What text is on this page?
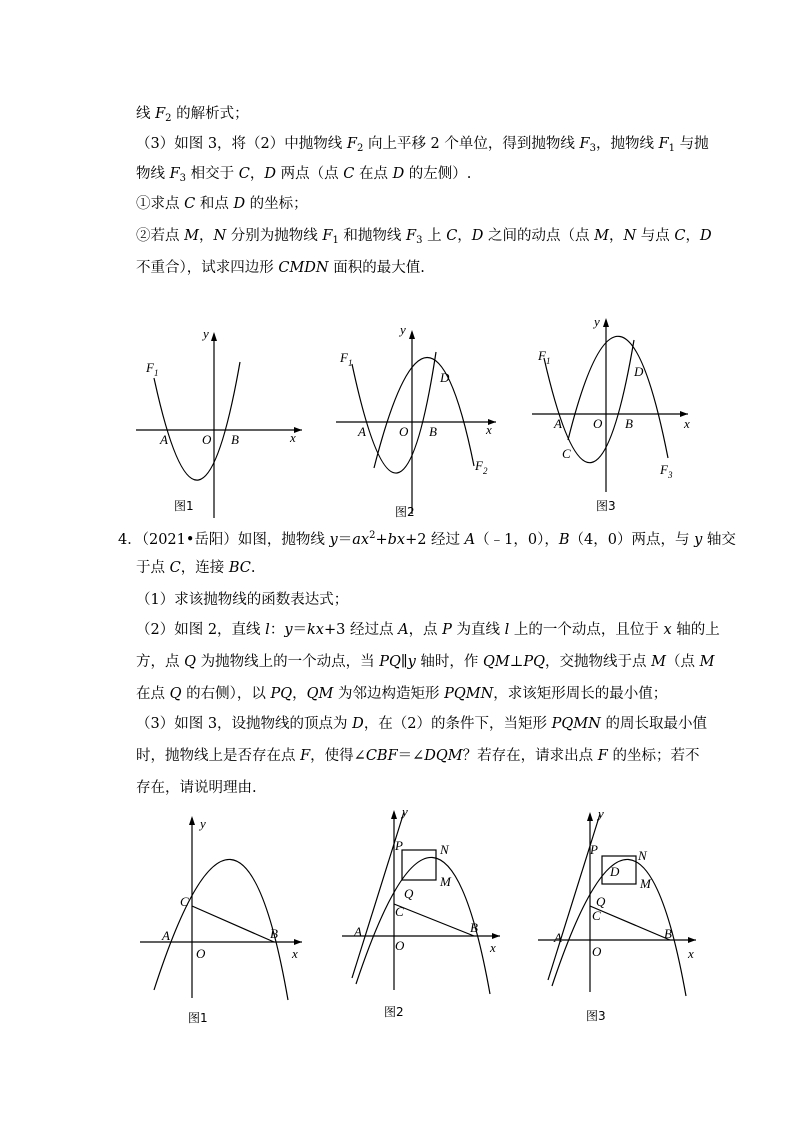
线 $F_2$ 的解析式；
（3）如图 3，将（2）中抛物线 $F_2$ 向上平移 2 个单位，得到抛物线 $F_3$，抛物线 $F_1$ 与抛
物线 $F_3$ 相交于 C，D 两点（点 C 在点 D 的左侧）.
①求点 C 和点 D 的坐标；
②若点 M，N 分别为抛物线 $F_1$ 和抛物线 $F_3$ 上 C，D 之间的动点（点 M，N 与点 C，D
不重合），试求四边形 CMDN 面积的最大值.
$F_1$
y
x
O
A	B
图1
$F_1$
$F_2$
y
x
O
A	B
D
图2
$F_1$
$F_3$
y
x
O
A	B
C
D
图3
4．（2021•岳阳）如图，抛物线 $y=ax^2+bx+2$ 经过 A（﹣1，0），B（4，0）两点，与 y 轴交
于点 C，连接 BC.
（1）求该抛物线的函数表达式；
（2）如图 2，直线 l：y＝kx+3 经过点 A，点 P 为直线 l 上的一个动点，且位于 x 轴的上
方，点 Q 为抛物线上的一个动点，当 PQ∥y 轴时，作 QM⊥PQ，交抛物线于点 M（点 M
在点 Q 的右侧），以 PQ，QM 为邻边构造矩形 PQMN，求该矩形周长的最小值；
（3）如图 3，设抛物线的顶点为 D，在（2）的条件下，当矩形 PQMN 的周长取最小值
时，抛物线上是否存在点 F，使得∠CBF＝∠DQM？若存在，请求出点 F 的坐标；若不
存在，请说明理由.
y
x
O
A	B
C
图1
y
x
O
A	B
C
P
Q
M
N
图2
y
x
O
A	B
C
D
P
Q
M
N
图3
